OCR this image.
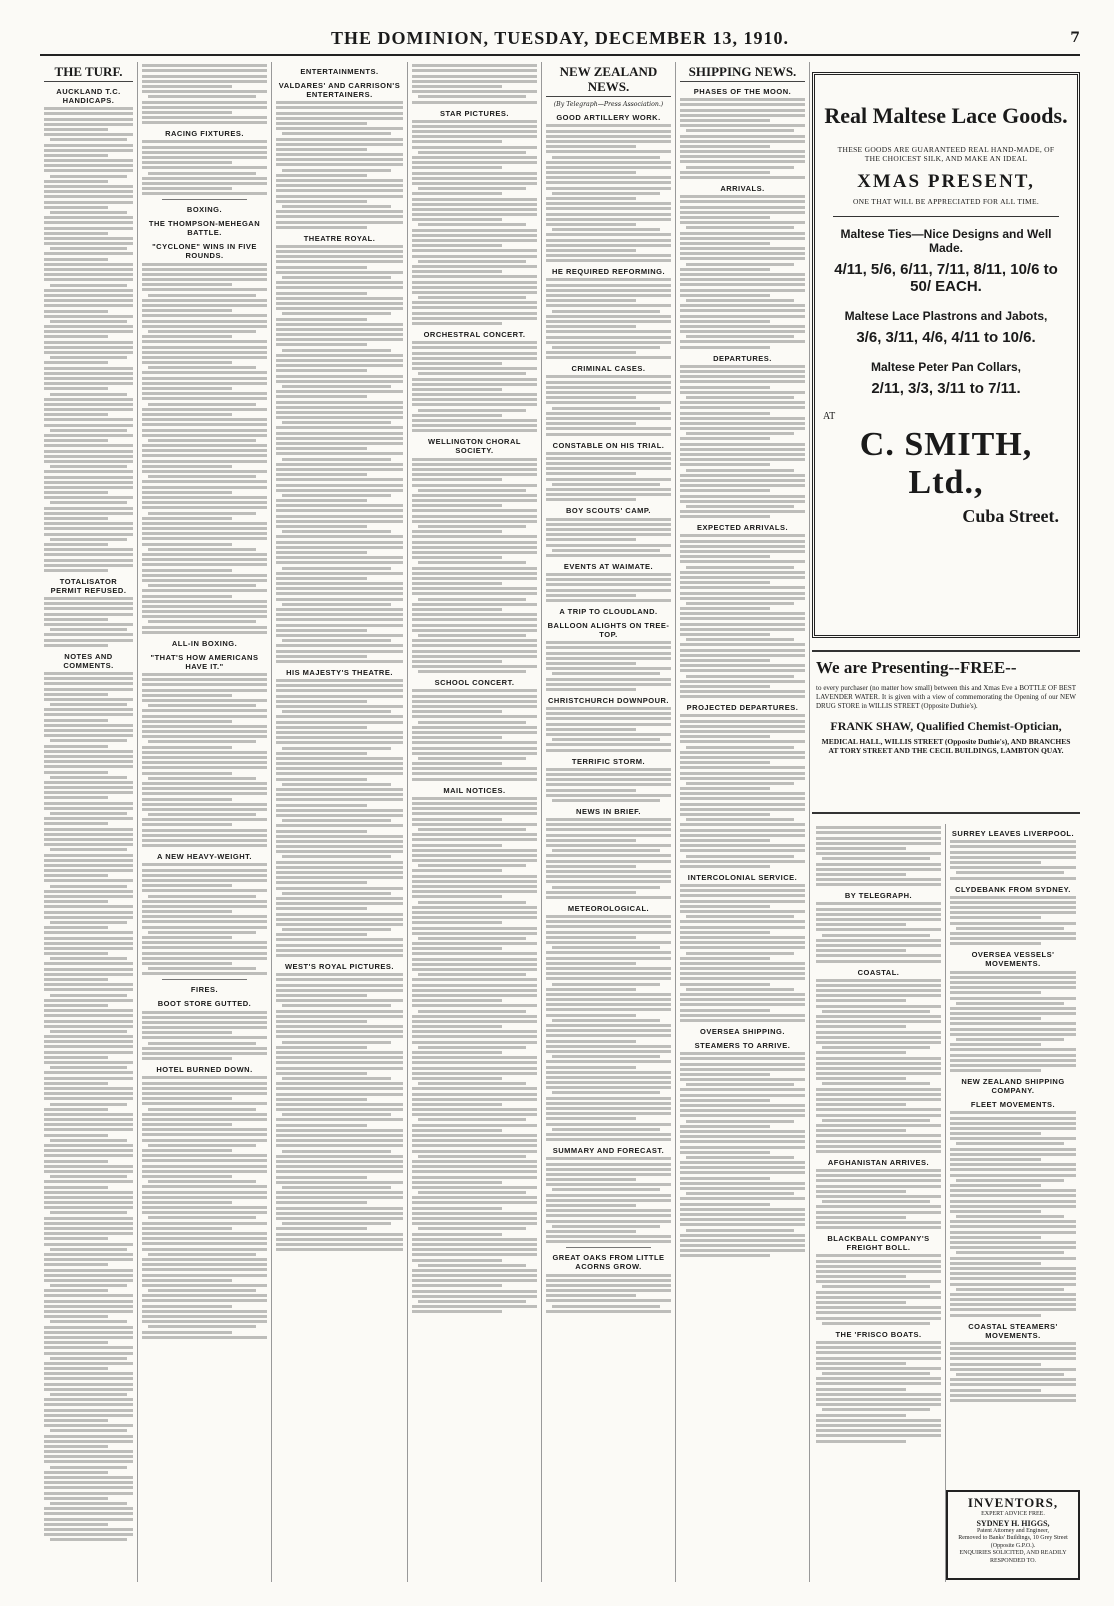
THE DOMINION, TUESDAY, DECEMBER 13, 1910.	7
THE TURF.
AUCKLAND T.C. HANDICAPS.
TOTALISATOR PERMIT REFUSED.
NOTES AND COMMENTS.
RACING FIXTURES.
BOXING.
THE THOMPSON-MEHEGAN BATTLE.
"CYCLONE" WINS IN FIVE ROUNDS.
ALL-IN BOXING.
"THAT'S HOW AMERICANS HAVE IT."
A NEW HEAVY-WEIGHT.
FIRES.
BOOT STORE GUTTED.
HOTEL BURNED DOWN.
ENTERTAINMENTS.
VALDARES' AND CARRISON'S ENTERTAINERS.
THEATRE ROYAL.
HIS MAJESTY'S THEATRE.
WEST'S ROYAL PICTURES.
STAR PICTURES.
ORCHESTRAL CONCERT.
WELLINGTON CHORAL SOCIETY.
SCHOOL CONCERT.
MAIL NOTICES.
NEW ZEALAND NEWS.
(By Telegraph—Press Association.)
GOOD ARTILLERY WORK.
HE REQUIRED REFORMING.
CRIMINAL CASES.
CONSTABLE ON HIS TRIAL.
BOY SCOUTS' CAMP.
EVENTS AT WAIMATE.
A TRIP TO CLOUDLAND.
BALLOON ALIGHTS ON TREE-TOP.
CHRISTCHURCH DOWNPOUR.
TERRIFIC STORM.
NEWS IN BRIEF.
METEOROLOGICAL.
SUMMARY AND FORECAST.
GREAT OAKS FROM LITTLE ACORNS GROW.
SHIPPING NEWS.
PHASES OF THE MOON.
ARRIVALS.
DEPARTURES.
EXPECTED ARRIVALS.
PROJECTED DEPARTURES.
INTERCOLONIAL SERVICE.
OVERSEA SHIPPING.
STEAMERS TO ARRIVE.
Real Maltese Lace Goods.
THESE GOODS ARE GUARANTEED REAL HAND-MADE, OF
THE CHOICEST SILK, AND MAKE AN IDEAL
XMAS PRESENT,
ONE THAT WILL BE APPRECIATED FOR ALL TIME.
Maltese Ties—Nice Designs and Well Made.
4/11, 5/6, 6/11, 7/11, 8/11, 10/6 to 50/ EACH.
Maltese Lace Plastrons and Jabots,
3/6, 3/11, 4/6, 4/11 to 10/6.
Maltese Peter Pan Collars,
2/11, 3/3, 3/11 to 7/11.
AT
C. SMITH, Ltd.,
Cuba Street.
We are Presenting--FREE--
to every purchaser (no matter how small) between this and Xmas Eve a BOTTLE OF BEST LAVENDER WATER. It is given with a view of commemorating the Opening of our NEW DRUG STORE in WILLIS STREET (Opposite Duthie's).
FRANK SHAW, Qualified Chemist-Optician,
MEDICAL HALL, WILLIS STREET (Opposite Duthie's), AND BRANCHES AT TORY STREET AND THE CECIL BUILDINGS, LAMBTON QUAY.
BY TELEGRAPH.
COASTAL.
AFGHANISTAN ARRIVES.
BLACKBALL COMPANY'S FREIGHT BOLL.
THE 'FRISCO BOATS.
SURREY LEAVES LIVERPOOL.
CLYDEBANK FROM SYDNEY.
OVERSEA VESSELS' MOVEMENTS.
NEW ZEALAND SHIPPING COMPANY.
FLEET MOVEMENTS.
COASTAL STEAMERS' MOVEMENTS.
INVENTORS,
EXPERT ADVICE FREE.
SYDNEY H. HIGGS,
Patent Attorney and Engineer,
Removed to Banks' Buildings, 10 Grey Street (Opposite G.P.O.).
ENQUIRIES SOLICITED, AND READILY RESPONDED TO.
